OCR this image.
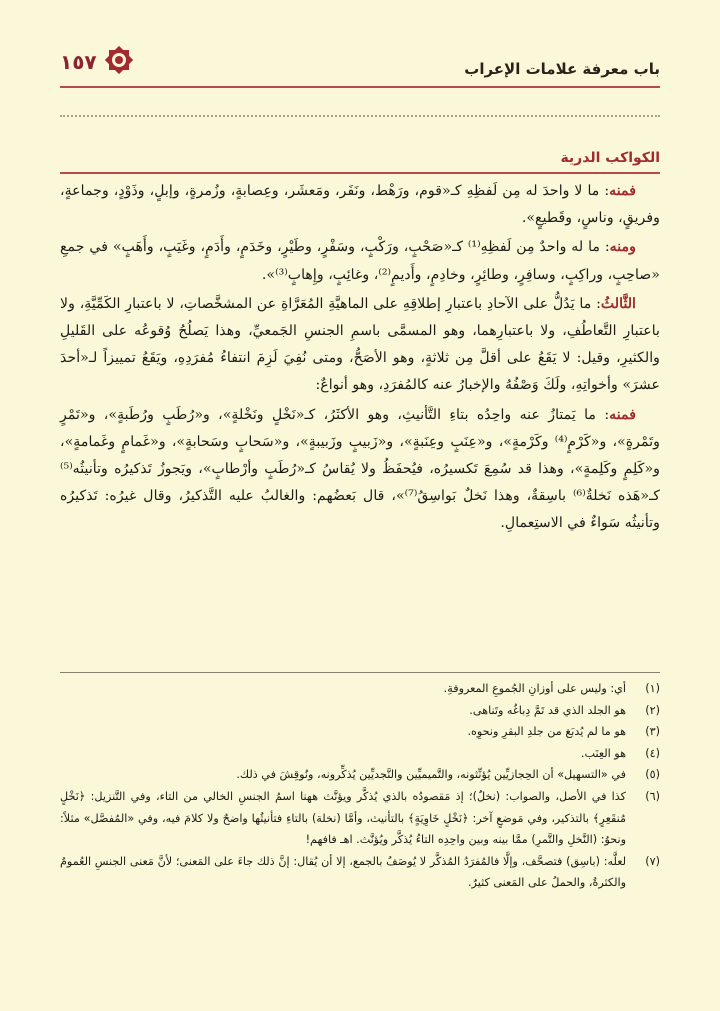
باب معرفة علامات الإعراب
١٥٧
الكواكب الدرية

فمنه: ما لا واحدَ له مِن لَفظِهِ كـ«قوم، ورَهْط، ونَفَر، ومَعشَر، وعِصابةٍ، وزُمرةٍ، وإبلٍ، وذَوْدٍ، وجماعةٍ، وفريقٍ، وناسٍ، وقَطيعٍ».

ومنه: ما له واحدٌ مِن لَفظِهِ⁽¹⁾ كـ«صَحْبٍ، ورَكْبٍ، وسَفْرٍ، وطَيْرٍ، وخَدَمٍ، وأَدَمٍ، وغَيَبٍ، وأَهَبٍ» في جمعِ «صاحِبٍ، وراكِبٍ، وسافِرٍ، وطائِرٍ، وخادِمٍ، وأَديمٍ⁽²⁾، وغائِبٍ، وإِهابٍ⁽³⁾».

الثَّالثُ: ما يَدُلُّ على الآحادِ باعتبارِ إطلاقِهِ على الماهيَّةِ المُعَرَّاةِ عن المشخَّصاتِ، لا باعتبارِ الكَمِّيَّةِ، ولا باعتبارِ التَّعاطُفِ، ولا باعتبارِهما، وهو المسمَّى باسمِ الجنسِ الجَمعيِّ، وهذا يَصلُحُ وُقوعُه على القَليلِ والكثيرِ، وقيل: لا يَقَعُ على أقلَّ مِن ثلاثةٍ، وهو الأصَحُّ، ومتى نُفِيَ لَزِمَ انتفاءُ مُفرَدِهِ، ويَقَعُ تمييزاً لـ«أحدَ عشرَ» وأخواتِهِ، ولَكَ وَصْفُهُ والإخبارُ عنه كالمُفرَدِ، وهو أنواعٌ:

فمنه: ما يَمتازُ عنه واحِدُه بتاءِ التَّأنيثِ، وهو الأكثَرُ، كـ«نَخْلٍ ونَخْلةٍ»، و«رُطَبٍ ورُطَبةٍ»، و«تَمْرٍ وتَمْرةٍ»، و«كَرْمٍ⁽⁴⁾ وكَرْمةٍ»، و«عِنَبٍ وعِنَبةٍ»، و«زَبيبٍ وزَبيبةٍ»، و«سَحابٍ وسَحابةٍ»، و«غَمامٍ وغَمامةٍ»، و«كَلِمٍ وكَلِمةٍ»، وهذا قد سُمِعَ تَكسيرُه، فيُحفَظُ ولا يُقاسُ كـ«رُطَبٍ وأرْطابٍ»، ويَجوزُ تَذكيرُه وتأنيثُه⁽⁵⁾ كـ«هَذه نَخلةٌ⁽⁶⁾ باسِقةٌ، وهذا نَخلٌ بَواسِقُ⁽⁷⁾»، قال بَعضُهم: والغالبُ عليه التَّذكيرُ، وقال غيرُه: تَذكيرُه وتأنيثُه سَواءٌ في الاستِعمالِ.

(١)
أي: وليس على أوزانِ الجُموعِ المعروفةِ.
(٢)
هو الجلد الذي قد تَمَّ دِباغُه وتَناهى.
(٣)
هو ما لم يُدبَغ من جلدِ البقرِ ونحوِه.
(٤)
هو العِنَب.
(٥)
في «التسهيل» أن الحِجازيِّين يُؤنِّثونه، والتَّميميِّين والنَّجديِّين يُذكِّرونه، ونُوقِشَ في ذلك.
(٦)
كذا في الأصل، والصواب: (نخلٌ)؛ إذ مَقصودُه بالذي يُذكَّر ويؤنَّث ههنا اسمُ الجنسِ الخالي من التاء، وفي التَّنزيل: ﴿نَخْلٍ مُنقَعِرٍ﴾ بالتذكير، وفي مَوضعٍ آخر: ﴿نَخْلٍ خَاوِيَةٍ﴾ بالتأنيث، وأمَّا (نخلة) بالتاءِ فتأنيثُها واضحٌ ولا كلامَ فيه، وفي «المُفصَّل» مثلاً: ونحوُ: (النَّخلِ والتَّمرِ) ممَّا بينه وبين واحِدِه التاءُ يُذكَّر ويُؤنَّث. اهـ فافهم!
(٧)
لعلَّه: (باسِق) فتصحَّف، وإلَّا فالمُفرَدُ المُذكَّر لا يُوصَفُ بالجمع، إلا أن يُقال: إنَّ ذلك جاءَ على المَعنى؛ لأنَّ مَعنى الجنسِ العُمومُ والكثرةُ، والحملُ على المَعنى كثيرٌ.
